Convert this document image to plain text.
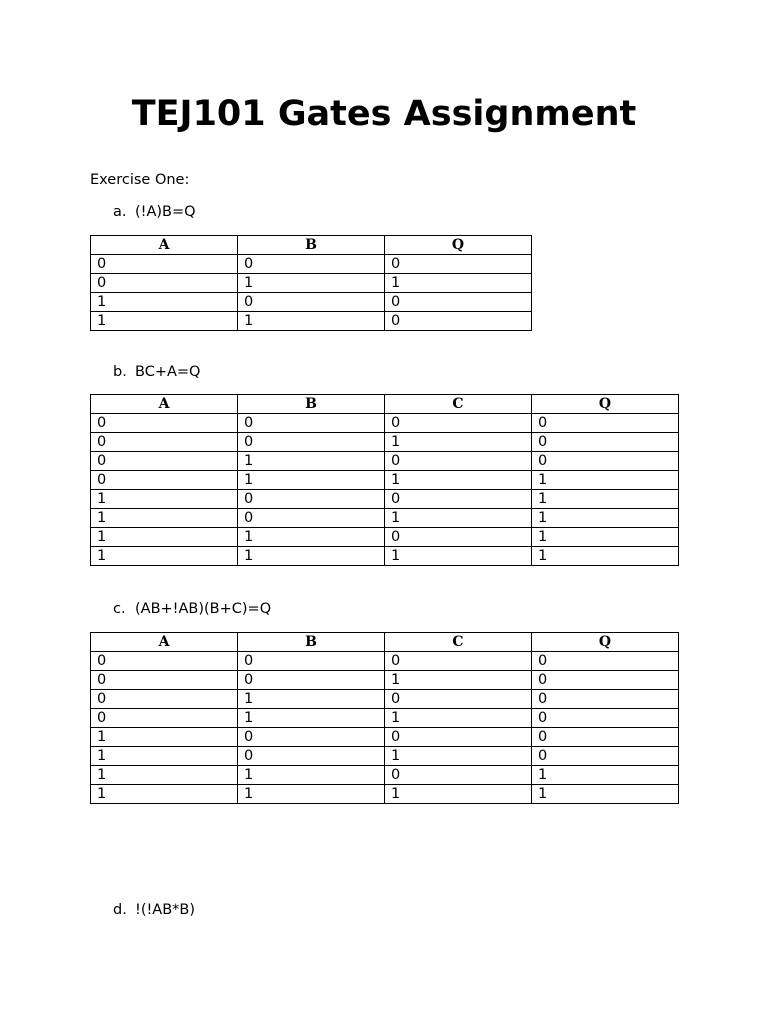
TEJ101 Gates Assignment

Exercise One:

a. (!A)B=Q

A	B	Q
0	0	0
0	1	1
1	0	0
1	1	0

b. BC+A=Q

A	B	C	Q
0	0	0	0
0	0	1	0
0	1	0	0
0	1	1	1
1	0	0	1
1	0	1	1
1	1	0	1
1	1	1	1

c. (AB+!AB)(B+C)=Q

A	B	C	Q
0	0	0	0
0	0	1	0
0	1	0	0
0	1	1	0
1	0	0	0
1	0	1	0
1	1	0	1
1	1	1	1

d. !(!AB*B)
